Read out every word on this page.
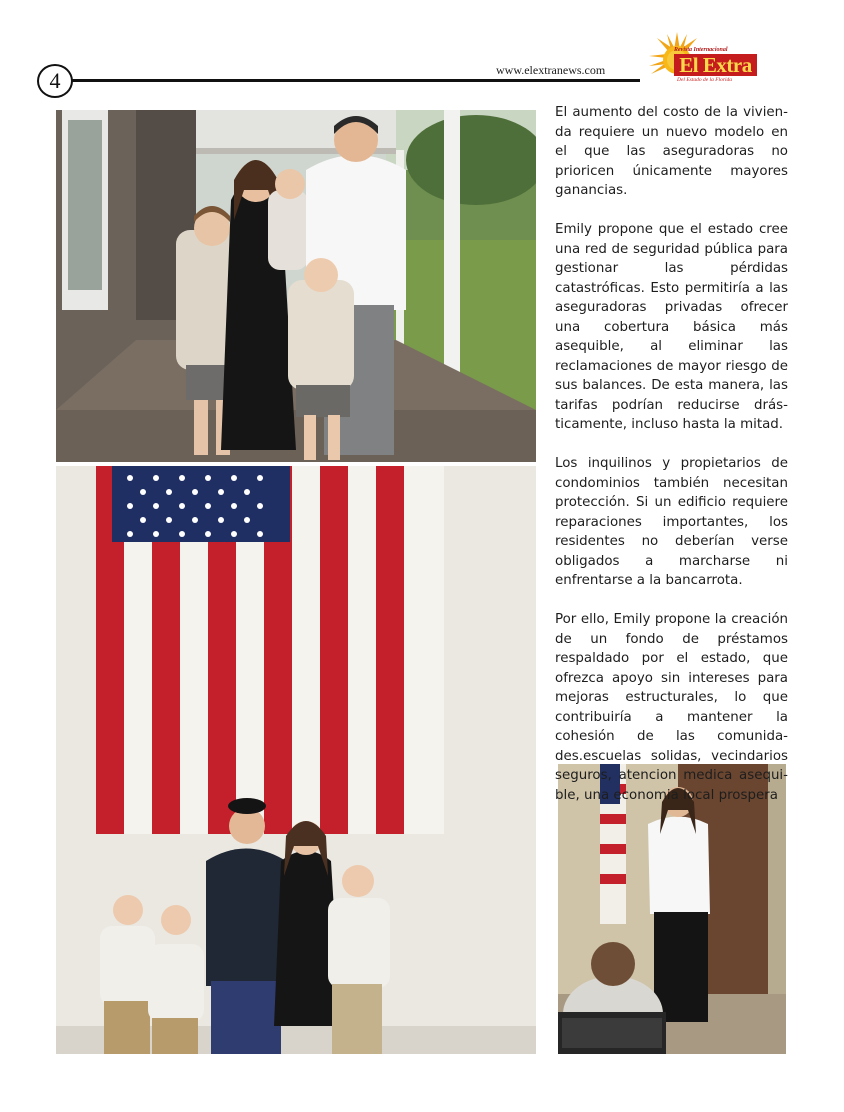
4	www.elextranews.com
Revista Internacional
El Extra
Del Estado de la Florida

El aumento del costo de la vivienda requiere un nuevo modelo en el que las aseguradoras no prioricen únicamente mayores ganancias.

Emily propone que el estado cree una red de seguridad pública para gestionar las pérdidas catastróficas. Esto permitiría a las aseguradoras privadas ofrecer una cobertura básica más asequible, al eliminar las reclamaciones de mayor riesgo de sus balances. De esta manera, las tarifas podrían reducirse drásticamente, incluso hasta la mitad.

Los inquilinos y propietarios de condominios también necesitan protección. Si un edificio requiere reparaciones importantes, los residentes no deberían verse obligados a marcharse ni enfrentarse a la bancarrota.

Por ello, Emily propone la creación de un fondo de préstamos respaldado por el estado, que ofrezca apoyo sin intereses para mejoras estructurales, lo que contribuiría a mantener la cohesión de las comunidades.escuelas solidas, vecindarios seguros, atencion medica asequible, una economia local prospera
